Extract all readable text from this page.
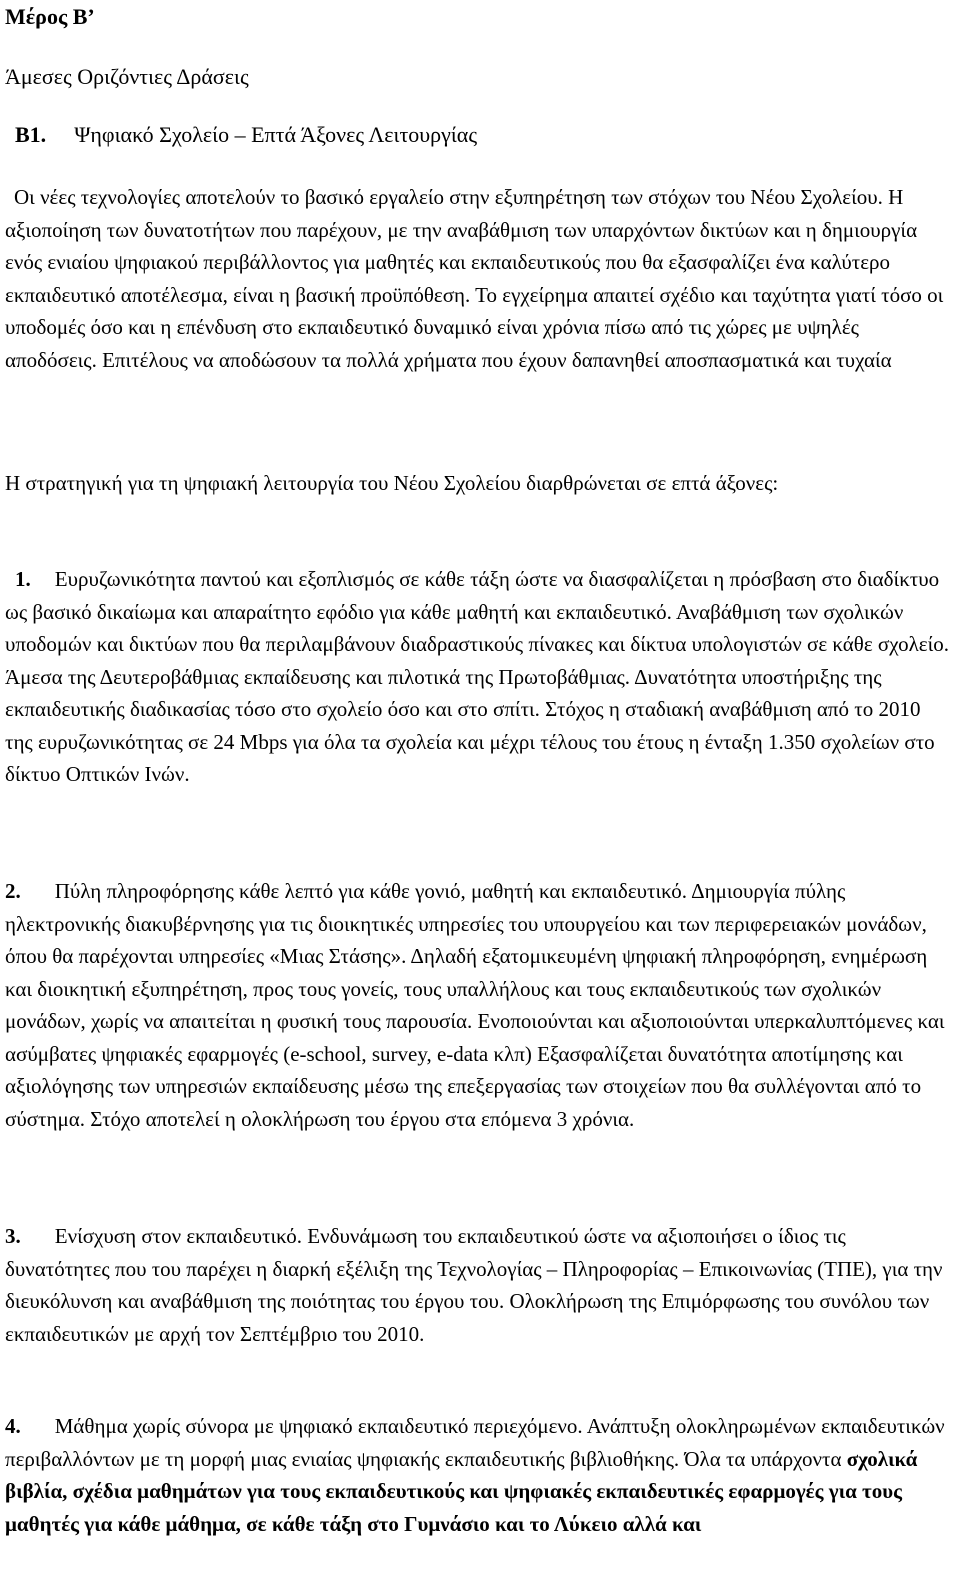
Μέρος Β’
Άμεσες Οριζόντιες Δράσεις
Β1. Ψηφιακό Σχολείο – Επτά Άξονες Λειτουργίας
Οι νέες τεχνολογίες αποτελούν το βασικό εργαλείο στην εξυπηρέτηση των στόχων του Νέου Σχολείου. Η αξιοποίηση των δυνατοτήτων που παρέχουν, με την αναβάθμιση των υπαρχόντων δικτύων και η δημιουργία ενός ενιαίου ψηφιακού περιβάλλοντος για μαθητές και εκπαιδευτικούς που θα εξασφαλίζει ένα καλύτερο εκπαιδευτικό αποτέλεσμα, είναι η βασική προϋπόθεση. Το εγχείρημα απαιτεί σχέδιο και ταχύτητα γιατί τόσο οι υποδομές όσο και η επένδυση στο εκπαιδευτικό δυναμικό είναι χρόνια πίσω από τις χώρες με υψηλές αποδόσεις. Επιτέλους να αποδώσουν τα πολλά χρήματα που έχουν δαπανηθεί αποσπασματικά και τυχαία
Η στρατηγική για τη ψηφιακή λειτουργία του Νέου Σχολείου διαρθρώνεται σε επτά άξονες:
1. Ευρυζωνικότητα παντού και εξοπλισμός σε κάθε τάξη ώστε να διασφαλίζεται η πρόσβαση στο διαδίκτυο ως βασικό δικαίωμα και απαραίτητο εφόδιο για κάθε μαθητή και εκπαιδευτικό. Αναβάθμιση των σχολικών υποδομών και δικτύων που θα περιλαμβάνουν διαδραστικούς πίνακες και δίκτυα υπολογιστών σε κάθε σχολείο. Άμεσα της Δευτεροβάθμιας εκπαίδευσης και πιλοτικά της Πρωτοβάθμιας. Δυνατότητα υποστήριξης της εκπαιδευτικής διαδικασίας τόσο στο σχολείο όσο και στο σπίτι. Στόχος η σταδιακή αναβάθμιση από το 2010 της ευρυζωνικότητας σε 24 Mbps για όλα τα σχολεία και μέχρι τέλους του έτους η ένταξη 1.350 σχολείων στο δίκτυο Οπτικών Ινών.
2. Πύλη πληροφόρησης κάθε λεπτό για κάθε γονιό, μαθητή και εκπαιδευτικό. Δημιουργία πύλης ηλεκτρονικής διακυβέρνησης για τις διοικητικές υπηρεσίες του υπουργείου και των περιφερειακών μονάδων, όπου θα παρέχονται υπηρεσίες «Μιας Στάσης». Δηλαδή εξατομικευμένη ψηφιακή πληροφόρηση, ενημέρωση και διοικητική εξυπηρέτηση, προς τους γονείς, τους υπαλλήλους και τους εκπαιδευτικούς των σχολικών μονάδων, χωρίς να απαιτείται η φυσική τους παρουσία. Ενοποιούνται και αξιοποιούνται υπερκαλυπτόμενες και ασύμβατες ψηφιακές εφαρμογές (e-school, survey, e-data κλπ) Εξασφαλίζεται δυνατότητα αποτίμησης και αξιολόγησης των υπηρεσιών εκπαίδευσης μέσω της επεξεργασίας των στοιχείων που θα συλλέγονται από το σύστημα. Στόχο αποτελεί η ολοκλήρωση του έργου στα επόμενα 3 χρόνια.
3. Ενίσχυση στον εκπαιδευτικό. Ενδυνάμωση του εκπαιδευτικού ώστε να αξιοποιήσει ο ίδιος τις δυνατότητες που του παρέχει η διαρκή εξέλιξη της Τεχνολογίας – Πληροφορίας – Επικοινωνίας (ΤΠΕ), για την διευκόλυνση και αναβάθμιση της ποιότητας του έργου του. Ολοκλήρωση της Επιμόρφωσης του συνόλου των εκπαιδευτικών με αρχή τον Σεπτέμβριο του 2010.
4. Μάθημα χωρίς σύνορα με ψηφιακό εκπαιδευτικό περιεχόμενο. Ανάπτυξη ολοκληρωμένων εκπαιδευτικών περιβαλλόντων με τη μορφή μιας ενιαίας ψηφιακής εκπαιδευτικής βιβλιοθήκης. Όλα τα υπάρχοντα σχολικά βιβλία, σχέδια μαθημάτων για τους εκπαιδευτικούς και ψηφιακές εκπαιδευτικές εφαρμογές για τους μαθητές για κάθε μάθημα, σε κάθε τάξη στο Γυμνάσιο και το Λύκειο αλλά και
